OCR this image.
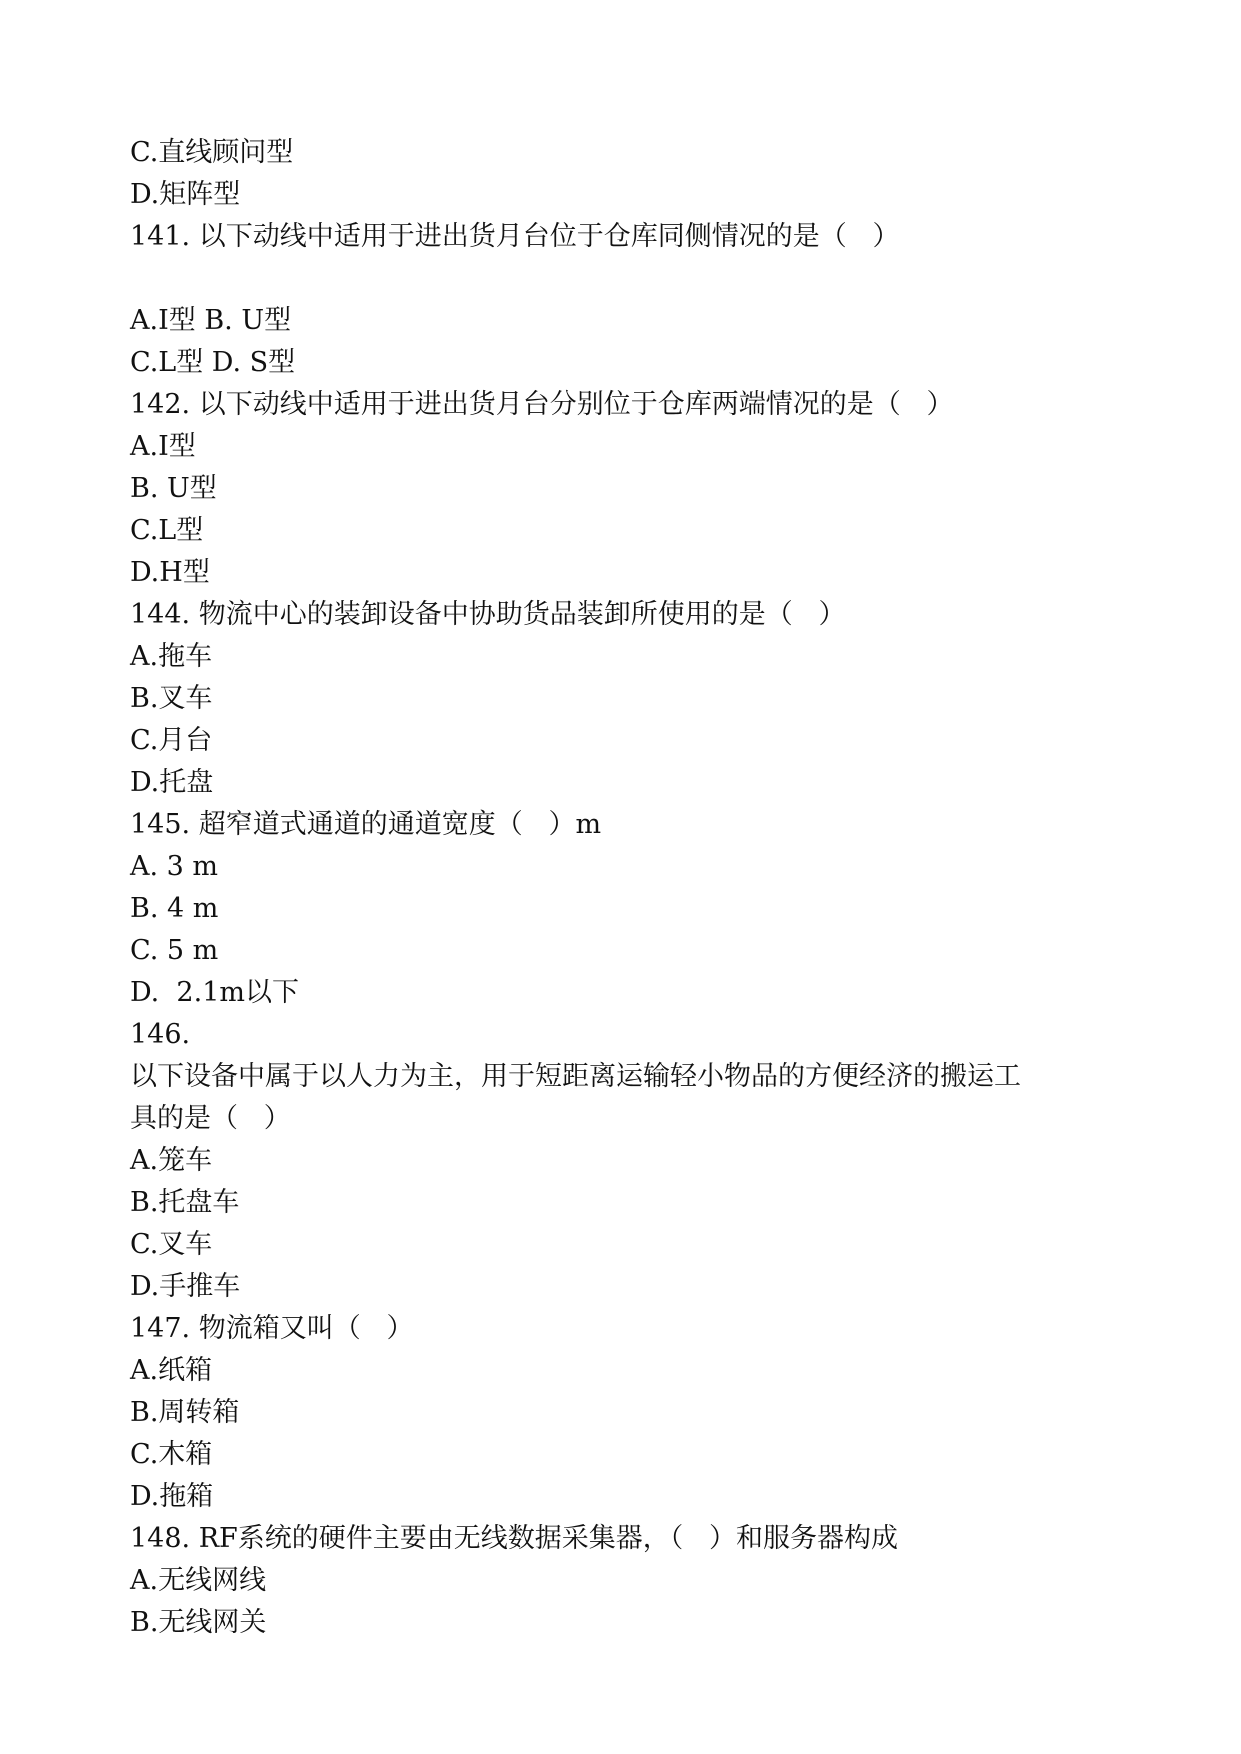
C.直线顾问型
D.矩阵型
141. 以下动线中适用于进出货月台位于仓库同侧情况的是（   ）
A.I型 B. U型
C.L型 D. S型
142. 以下动线中适用于进出货月台分别位于仓库两端情况的是（   ）
A.I型
B. U型
C.L型
D.H型
144. 物流中心的装卸设备中协助货品装卸所使用的是（   ）
A.拖车
B.叉车
C.月台
D.托盘
145. 超窄道式通道的通道宽度（   ）m
A. 3 m
B. 4 m
C. 5 m
D.  2.1m以下
146.
以下设备中属于以人力为主，用于短距离运输轻小物品的方便经济的搬运工
具的是（   ）
A.笼车
B.托盘车
C.叉车
D.手推车
147. 物流箱又叫（   ）
A.纸箱
B.周转箱
C.木箱
D.拖箱
148. RF系统的硬件主要由无线数据采集器，（   ）和服务器构成
A.无线网线
B.无线网关
